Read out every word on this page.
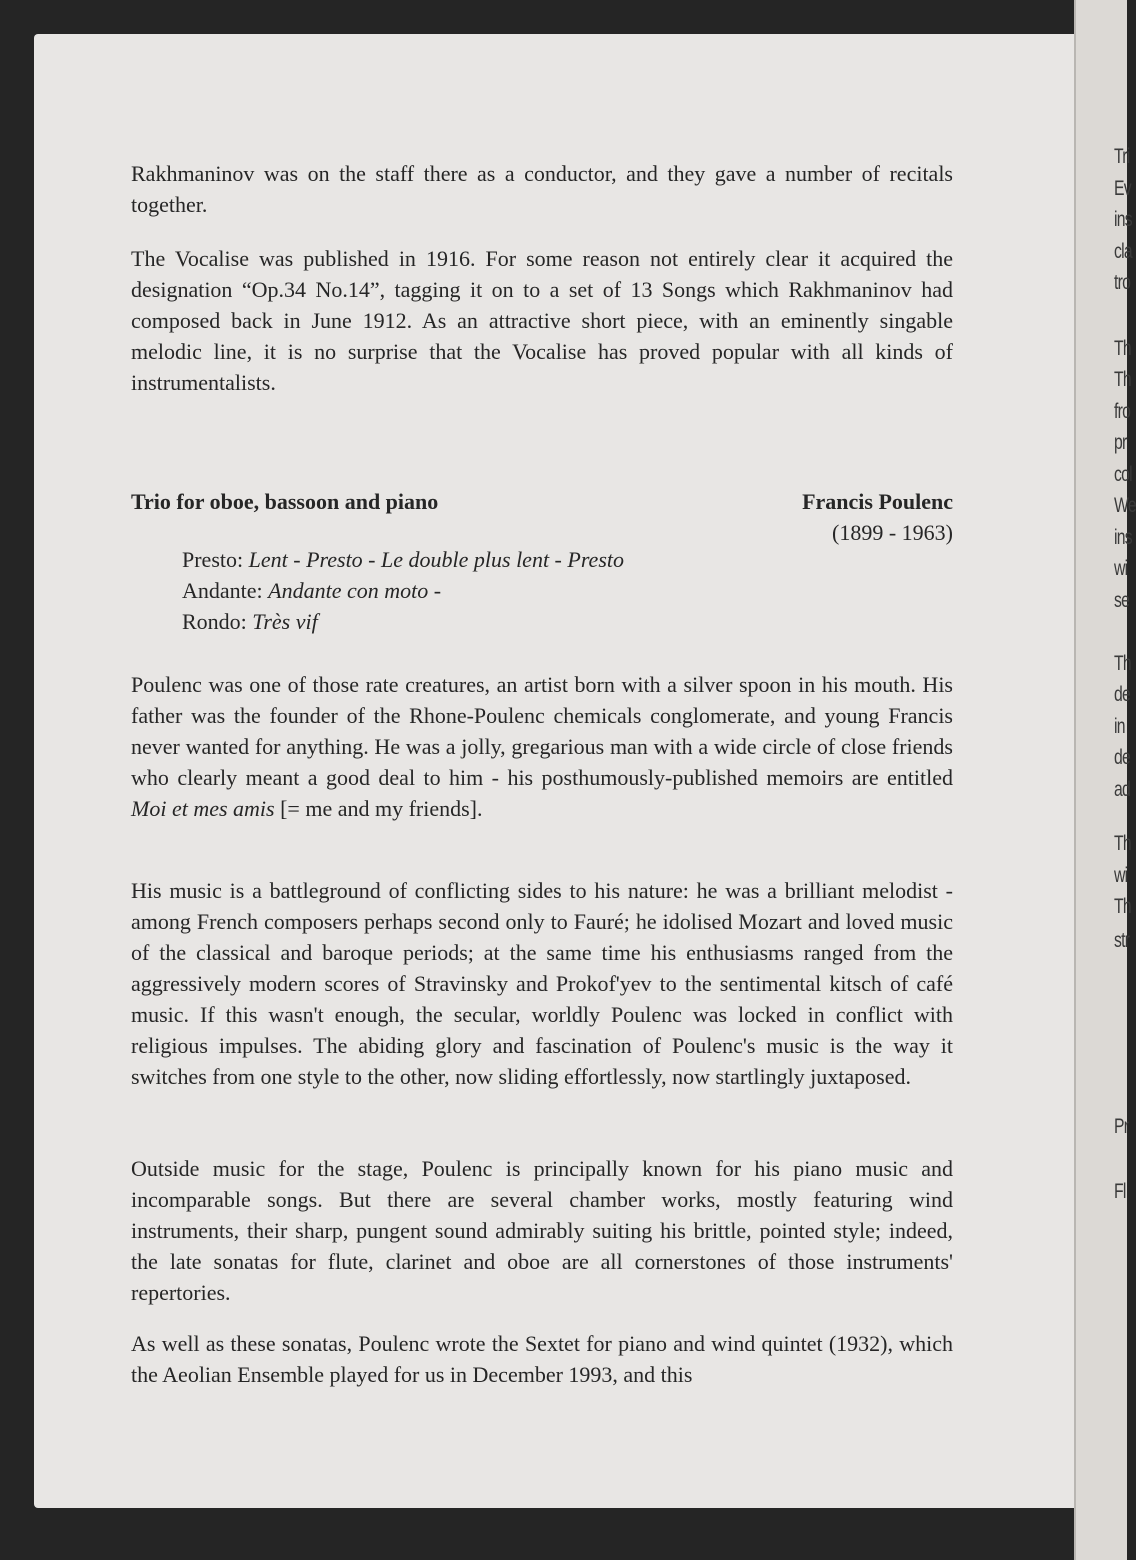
Tri
Ev
ins
cla
tro
Th
Th
fro
pr
col
We
ins
wi
se
Th
de
in
de
ad
Th
wi
Th
str
Pr
Fl

Rakhmaninov was on the staff there as a conductor, and they gave a number of recitals together.

The Vocalise was published in 1916. For some reason not entirely clear it acquired the designation “Op.34 No.14”, tagging it on to a set of 13 Songs which Rakhmaninov had composed back in June 1912. As an attractive short piece, with an eminently singable melodic line, it is no surprise that the Vocalise has proved popular with all kinds of instrumentalists.

Trio for oboe, bassoon and piano	Francis Poulenc
(1899 - 1963)
Presto: Lent - Presto - Le double plus lent - Presto
Andante: Andante con moto -
Rondo: Très vif

Poulenc was one of those rate creatures, an artist born with a silver spoon in his mouth. His father was the founder of the Rhone-Poulenc chemicals conglomerate, and young Francis never wanted for anything. He was a jolly, gregarious man with a wide circle of close friends who clearly meant a good deal to him - his posthumously-published memoirs are entitled Moi et mes amis [= me and my friends].

His music is a battleground of conflicting sides to his nature: he was a brilliant melodist - among French composers perhaps second only to Fauré; he idolised Mozart and loved music of the classical and baroque periods; at the same time his enthusiasms ranged from the aggressively modern scores of Stravinsky and Prokof'yev to the sentimental kitsch of café music. If this wasn't enough, the secular, worldly Poulenc was locked in conflict with religious impulses. The abiding glory and fascination of Poulenc's music is the way it switches from one style to the other, now sliding effortlessly, now startlingly juxtaposed.

Outside music for the stage, Poulenc is principally known for his piano music and incomparable songs. But there are several chamber works, mostly featuring wind instruments, their sharp, pungent sound admirably suiting his brittle, pointed style; indeed, the late sonatas for flute, clarinet and oboe are all cornerstones of those instruments' repertories.

As well as these sonatas, Poulenc wrote the Sextet for piano and wind quintet (1932), which the Aeolian Ensemble played for us in December 1993, and this
